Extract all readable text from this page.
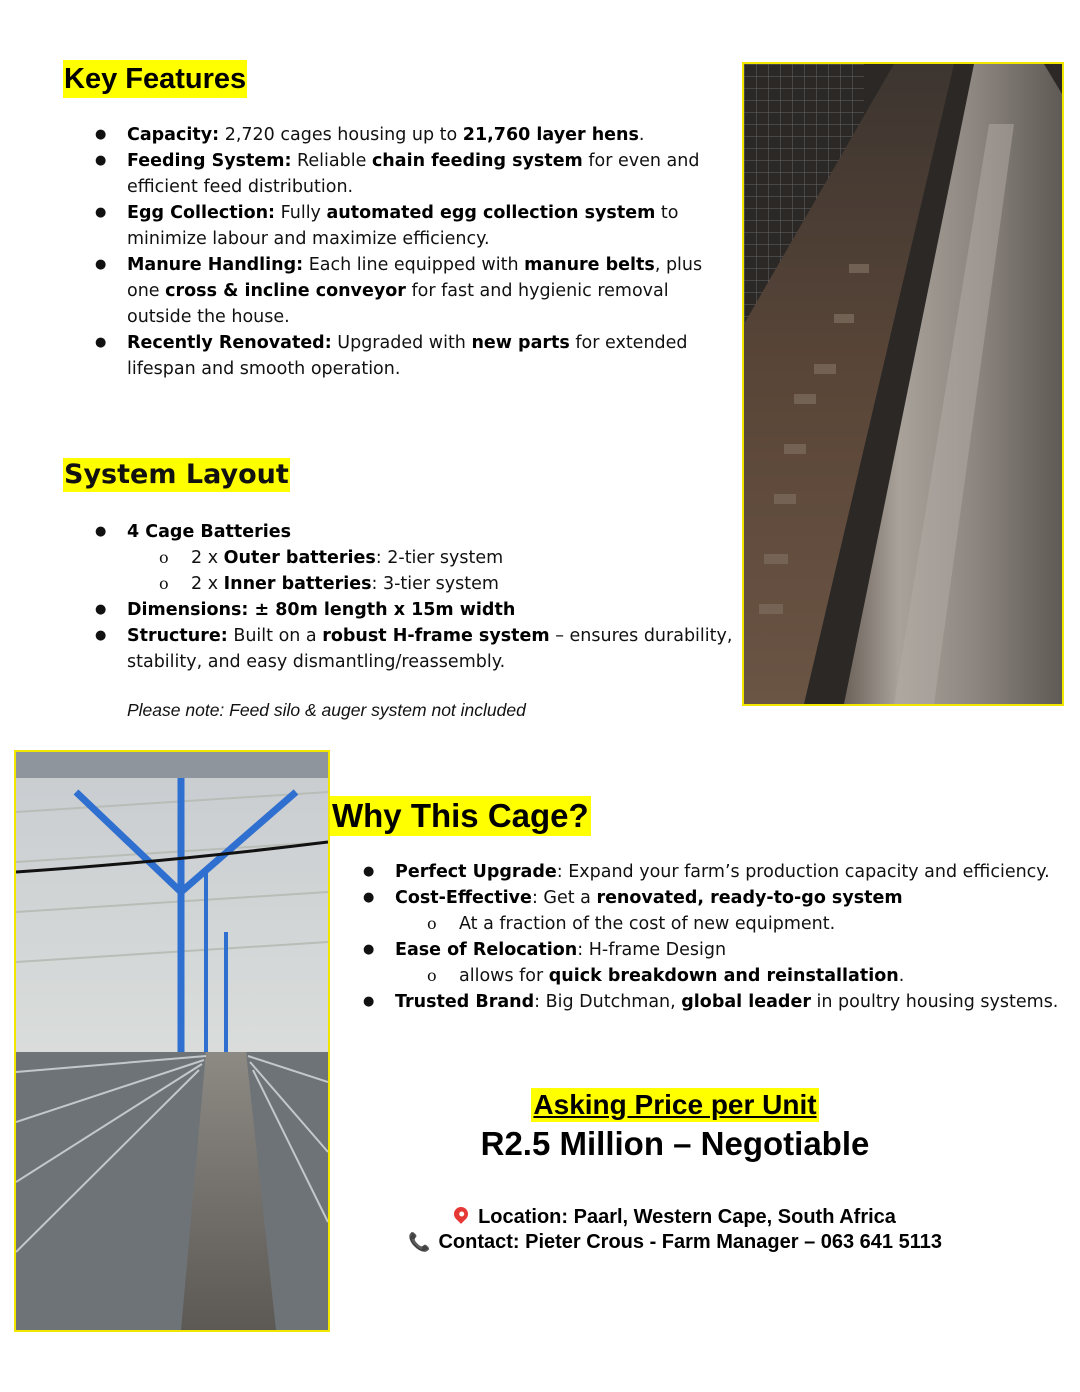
Key Features
● Capacity: 2,720 cages housing up to 21,760 layer hens.
● Feeding System: Reliable chain feeding system for even and efficient feed distribution.
● Egg Collection: Fully automated egg collection system to minimize labour and maximize efficiency.
● Manure Handling: Each line equipped with manure belts, plus one cross & incline conveyor for fast and hygienic removal outside the house.
● Recently Renovated: Upgraded with new parts for extended lifespan and smooth operation.
System Layout
● 4 Cage Batteries
o 2 x Outer batteries: 2-tier system
o 2 x Inner batteries: 3-tier system
● Dimensions: ± 80m length x 15m width
● Structure: Built on a robust H-frame system – ensures durability, stability, and easy dismantling/reassembly.
Please note: Feed silo & auger system not included
Why This Cage?
● Perfect Upgrade: Expand your farm’s production capacity and efficiency.
● Cost-Effective: Get a renovated, ready-to-go system
o At a fraction of the cost of new equipment.
● Ease of Relocation: H-frame Design
o allows for quick breakdown and reinstallation.
● Trusted Brand: Big Dutchman, global leader in poultry housing systems.
Asking Price per Unit
R2.5 Million – Negotiable
Location: Paarl, Western Cape, South Africa
📞 Contact: Pieter Crous - Farm Manager – 063 641 5113
